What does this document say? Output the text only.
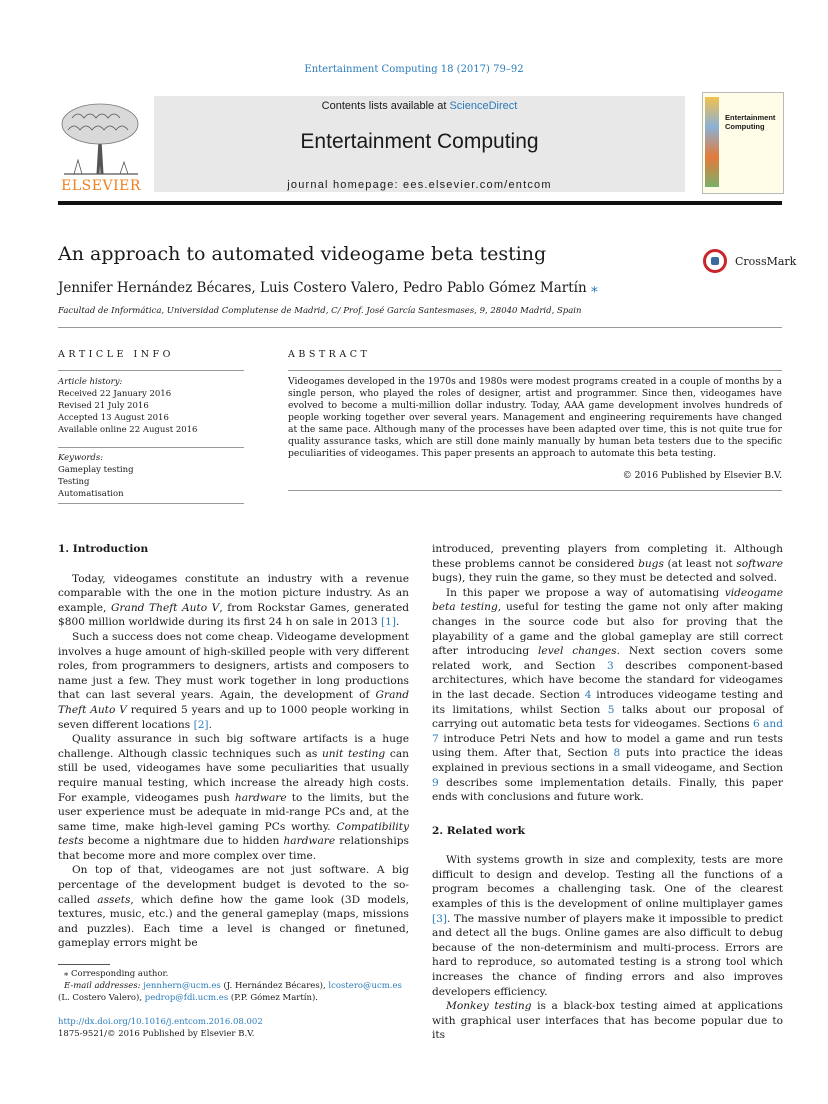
Entertainment Computing 18 (2017) 79–92
ELSEVIER
Contents lists available at ScienceDirect
Entertainment Computing
journal homepage: ees.elsevier.com/entcom
Entertainment Computing
An approach to automated videogame beta testing	CrossMark
Jennifer Hernández Bécares, Luis Costero Valero, Pedro Pablo Gómez Martín ⁎
Facultad de Informática, Universidad Complutense de Madrid, C/ Prof. José García Santesmases, 9, 28040 Madrid, Spain
ARTICLE INFO	ABSTRACT
Article history:
Received 22 January 2016
Revised 21 July 2016
Accepted 13 August 2016
Available online 22 August 2016
Keywords:
Gameplay testing
Testing
Automatisation
Videogames developed in the 1970s and 1980s were modest programs created in a couple of months by a single person, who played the roles of designer, artist and programmer. Since then, videogames have evolved to become a multi-million dollar industry. Today, AAA game development involves hundreds of people working together over several years. Management and engineering requirements have changed at the same pace. Although many of the processes have been adapted over time, this is not quite true for quality assurance tasks, which are still done mainly manually by human beta testers due to the specific peculiarities of videogames. This paper presents an approach to automate this beta testing.
© 2016 Published by Elsevier B.V.
1. Introduction

Today, videogames constitute an industry with a revenue comparable with the one in the motion picture industry. As an example, Grand Theft Auto V, from Rockstar Games, generated $800 million worldwide during its first 24 h on sale in 2013 [1].

Such a success does not come cheap. Videogame development involves a huge amount of high-skilled people with very different roles, from programmers to designers, artists and composers to name just a few. They must work together in long productions that can last several years. Again, the development of Grand Theft Auto V required 5 years and up to 1000 people working in seven different locations [2].

Quality assurance in such big software artifacts is a huge challenge. Although classic techniques such as unit testing can still be used, videogames have some peculiarities that usually require manual testing, which increase the already high costs. For example, videogames push hardware to the limits, but the user experience must be adequate in mid-range PCs and, at the same time, make high-level gaming PCs worthy. Compatibility tests become a nightmare due to hidden hardware relationships that become more and more complex over time.

On top of that, videogames are not just software. A big percentage of the development budget is devoted to the so-called assets, which define how the game look (3D models, textures, music, etc.) and the general gameplay (maps, missions and puzzles). Each time a level is changed or finetuned, gameplay errors might be

⁎ Corresponding author.
E-mail addresses: jennhern@ucm.es (J. Hernández Bécares), lcostero@ucm.es
(L. Costero Valero), pedrop@fdi.ucm.es (P.P. Gómez Martín).
http://dx.doi.org/10.1016/j.entcom.2016.08.002
1875-9521/© 2016 Published by Elsevier B.V.

introduced, preventing players from completing it. Although these problems cannot be considered bugs (at least not software bugs), they ruin the game, so they must be detected and solved.

In this paper we propose a way of automatising videogame beta testing, useful for testing the game not only after making changes in the source code but also for proving that the playability of a game and the global gameplay are still correct after introducing level changes. Next section covers some related work, and Section 3 describes component-based architectures, which have become the standard for videogames in the last decade. Section 4 introduces videogame testing and its limitations, whilst Section 5 talks about our proposal of carrying out automatic beta tests for videogames. Sections 6 and 7 introduce Petri Nets and how to model a game and run tests using them. After that, Section 8 puts into practice the ideas explained in previous sections in a small videogame, and Section 9 describes some implementation details. Finally, this paper ends with conclusions and future work.

2. Related work

With systems growth in size and complexity, tests are more difficult to design and develop. Testing all the functions of a program becomes a challenging task. One of the clearest examples of this is the development of online multiplayer games [3]. The massive number of players make it impossible to predict and detect all the bugs. Online games are also difficult to debug because of the non-determinism and multi-process. Errors are hard to reproduce, so automated testing is a strong tool which increases the chance of finding errors and also improves developers efficiency.

Monkey testing is a black-box testing aimed at applications with graphical user interfaces that has become popular due to its
